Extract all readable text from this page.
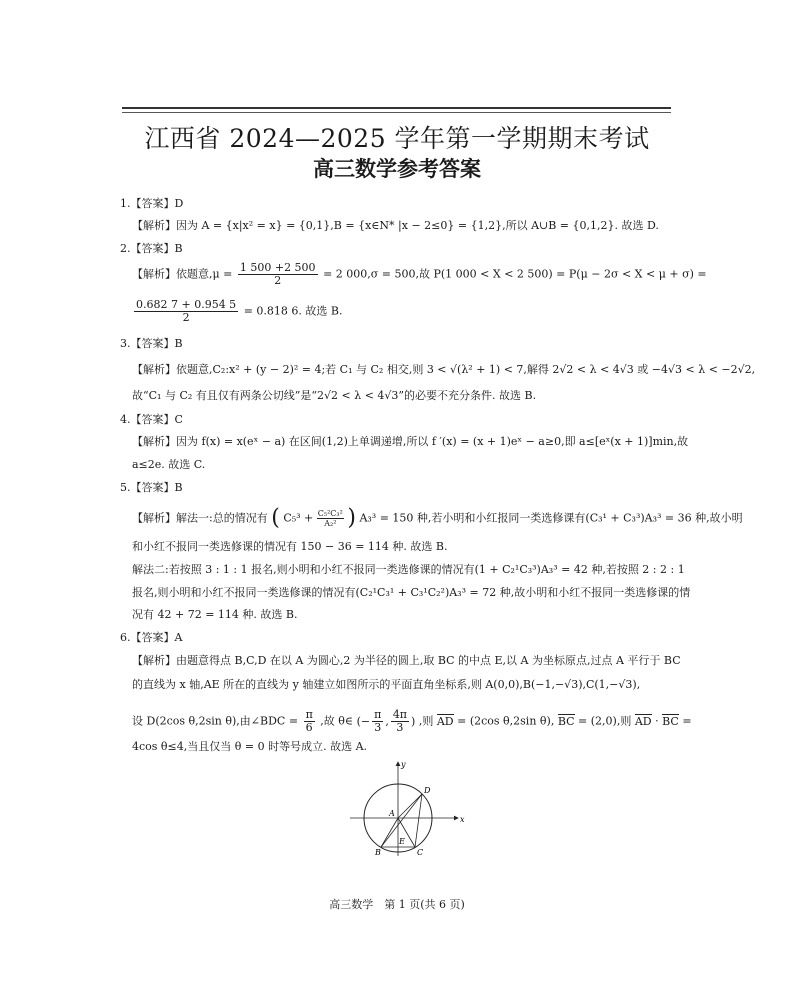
江西省 2024—2025 学年第一学期期末考试
高三数学参考答案
1.【答案】D
【解析】因为 A = {x|x² = x} = {0,1},B = {x∈N* |x − 2≤0} = {1,2},所以 A∪B = {0,1,2}. 故选 D.
2.【答案】B
【解析】依题意$,\mu = \frac{1 500 +2 500}{2} = 2$ 000,σ = 500,故 P(1 000 < X < 2 500) = P(μ − 2σ < X < μ + σ) =
$\frac{0.682 7 + 0.954 5}{2} = 0.818$ 6. 故选 B.
3.【答案】B
【解析】依题意,C₂:x² + (y − 2)² = 4;若 C₁ 与 C₂ 相交,则 3 < √(λ² + 1) < 7,解得 2√2 < λ < 4√3 或 −4√3 < λ < −2√2,
故“C₁ 与 C₂ 有且仅有两条公切线”是“2√2 < λ < 4√3”的必要不充分条件. 故选 B.
4.【答案】C
【解析】因为 f(x) = x(eˣ − a) 在区间(1,2)上单调递增,所以 f ′(x) = (x + 1)eˣ − a≥0,即 a≤[eˣ(x + 1)]min,故
a≤2e. 故选 C.
5.【答案】B
【解析】解法一:总的情况有 ( $C_5^3 + \frac{\text{C₅²C₃²}}{\text{A₂²}}$ ) A₃³ = 150 种,若小明和小红报同一类选修课有(C₃¹ + C₃³)A₃³ = 36 种,故小明
和小红不报同一类选修课的情况有 150 − 36 = 114 种. 故选 B.
解法二:若按照 3 : 1 : 1 报名,则小明和小红不报同一类选修课的情况有(1 + C₂¹C₃³)A₃³ = 42 种,若按照 2 : 2 : 1
报名,则小明和小红不报同一类选修课的情况有(C₂¹C₃¹ + C₃¹C₂²)A₃³ = 72 种,故小明和小红不报同一类选修课的情
况有 42 + 72 = 114 种. 故选 B.
6.【答案】A
【解析】由题意得点 B,C,D 在以 A 为圆心,2 为半径的圆上,取 BC 的中点 E,以 A 为坐标原点,过点 A 平行于 BC
的直线为 x 轴,AE 所在的直线为 y 轴建立如图所示的平面直角坐标系,则 A(0,0),B(−1,−√3),C(1,−√3),
设 D(2cos θ,2sin θ),由∠BDC = $\frac{\pi}{6}$ ,故 θ∈ (− $\frac{\pi}{3}$ , $\frac{4\pi}{3}$ ) ,则 AD = (2cos θ,2sin θ), BC = (2,0),则 AD · BC =
4cos θ≤4,当且仅当 θ = 0 时等号成立. 故选 A.
x
y
A
B	C
D
E
高三数学　第 1 页(共 6 页)
